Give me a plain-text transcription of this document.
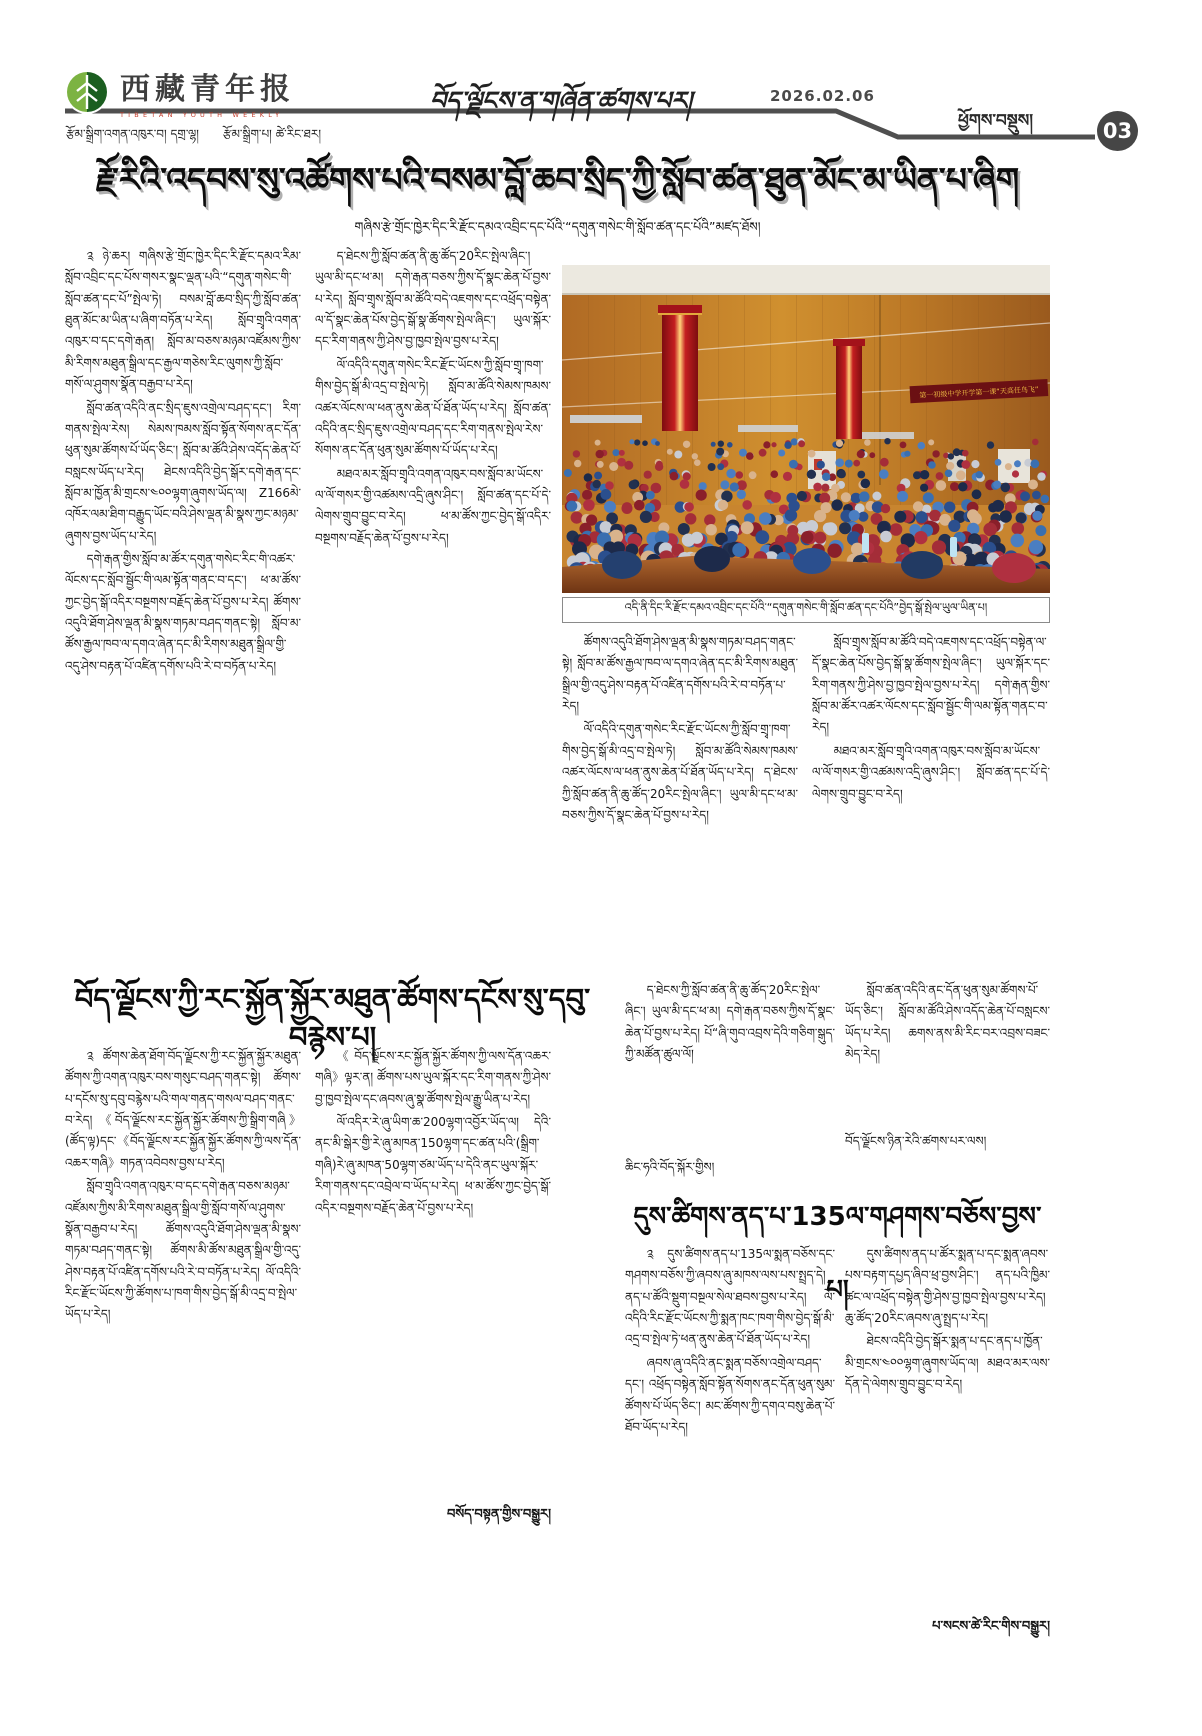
西藏青年报
TIBETAN YOUTH WEEKLY	བོད་ལྗོངས་ན་གཞོན་ཚགས་པར།	2026.02.06
ཕྱོགས་བསྡུས།	03
རྩོམ་སྒྲིག་འགན་འཁུར་བ། དགྲ་ལྷ།　　རྩོམ་སྒྲིག་པ། ཚེ་རིང་ཐར།
རྗོ་རིའི་འདབས་སུ་འཚོགས་པའི་བསམ་བློ་ཆབ་སྲིད་ཀྱི་སློབ་ཚན་ཐུན་མོང་མ་ཡིན་པ་ཞིག
གཞིས་རྩེ་གྲོང་ཁྱེར་དིང་རི་རྫོང་དམའ་འབྲིང་དང་པོའི་“དགུན་གསེང་གི་སློབ་ཚན་དང་པོའི”མཛད་ཐོས།

༉ ཉེ་ཆར། གཞིས་རྩེ་གྲོང་ཁྱེར་དིང་རི་རྫོང་དམའ་རིམ་སློབ་འབྲིང་དང་པོས་གསར་སྣང་ལྡན་པའི་“དགུན་གསེང་གི་སློབ་ཚན་དང་པོ”སྤེལ་ཏེ། བསམ་བློ་ཆབ་སྲིད་ཀྱི་སློབ་ཚན་ཐུན་མོང་མ་ཡིན་པ་ཞིག་བཏོན་པ་རེད། སློབ་གྲྭའི་འགན་འཁུར་བ་དང་དགེ་རྒན། སློབ་མ་བཅས་མཉམ་འཛོམས་ཀྱིས་མི་རིགས་མཐུན་སྒྲིལ་དང་རྒྱལ་གཅེས་རིང་ལུགས་ཀྱི་སློབ་གསོ་ལ་ཤུགས་སྣོན་བརྒྱབ་པ་རེད།

སློབ་ཚན་འདིའི་ནང་སྲིད་ཇུས་འགྲེལ་བཤད་དང་། རིག་གནས་སྤེལ་རེས། སེམས་ཁམས་སློབ་སྟོན་སོགས་ནང་དོན་ཕུན་སུམ་ཚོགས་པོ་ཡོད་ཅིང་། སློབ་མ་ཚོའི་ཤེས་འདོད་ཆེན་པོ་བསླངས་ཡོད་པ་རེད། ཐེངས་འདིའི་བྱེད་སྒོར་དགེ་རྒན་དང་སློབ་མ་ཁྱོན་མི་གྲངས་༤༠༠ལྷག་ཞུགས་ཡོད་ལ། Z166མེ་འཁོར་ལམ་ཐིག་བརྒྱུད་ཡོང་བའི་ཤེས་ལྡན་མི་སྣས་ཀྱང་མཉམ་ཞུགས་བྱས་ཡོད་པ་རེད།

དགེ་རྒན་གྱིས་སློབ་མ་ཚོར་དགུན་གསེང་རིང་གི་འཚར་ལོངས་དང་སློབ་སྦྱོང་གི་ལམ་སྟོན་གནང་བ་དང་། ཕ་མ་ཚོས་ཀྱང་བྱེད་སྒོ་འདིར་བསྔགས་བརྗོད་ཆེན་པོ་བྱས་པ་རེད། ཚོགས་འདུའི་ཐོག་ཤེས་ལྡན་མི་སྣས་གཏམ་བཤད་གནང་སྟེ། སློབ་མ་ཚོས་རྒྱལ་ཁབ་ལ་དགའ་ཞེན་དང་མི་རིགས་མཐུན་སྒྲིལ་གྱི་འདུ་ཤེས་བརྟན་པོ་འཛིན་དགོས་པའི་རེ་བ་བཏོན་པ་རེད།

ད་ཐེངས་ཀྱི་སློབ་ཚན་ནི་ཆུ་ཚོད་20རིང་སྤེལ་ཞིང་། ཡུལ་མི་དང་ཕ་མ། དགེ་རྒན་བཅས་ཀྱིས་དོ་སྣང་ཆེན་པོ་བྱས་པ་རེད། སློབ་གྲྭས་སློབ་མ་ཚོའི་བདེ་འཇགས་དང་འཕྲོད་བསྟེན་ལ་དོ་སྣང་ཆེན་པོས་བྱེད་སྒོ་སྣ་ཚོགས་སྤེལ་ཞིང་། ཡུལ་སྐོར་དང་རིག་གནས་ཀྱི་ཤེས་བྱ་ཁྱབ་སྤེལ་བྱས་པ་རེད།

ལོ་འདིའི་དགུན་གསེང་རིང་རྫོང་ཡོངས་ཀྱི་སློབ་གྲྭ་ཁག་གིས་བྱེད་སྒོ་མི་འདྲ་བ་སྤེལ་ཏེ། སློབ་མ་ཚོའི་སེམས་ཁམས་འཚར་ལོངས་ལ་ཕན་ནུས་ཆེན་པོ་ཐོན་ཡོད་པ་རེད། སློབ་ཚན་འདིའི་ནང་སྲིད་ཇུས་འགྲེལ་བཤད་དང་རིག་གནས་སྤེལ་རེས་སོགས་ནང་དོན་ཕུན་སུམ་ཚོགས་པོ་ཡོད་པ་རེད།

མཐའ་མར་སློབ་གྲྭའི་འགན་འཁུར་བས་སློབ་མ་ཡོངས་ལ་ལོ་གསར་གྱི་འཚམས་འདྲི་ཞུས་ཤིང་། སློབ་ཚན་དང་པོ་དེ་ལེགས་གྲུབ་བྱུང་བ་རེད། ཕ་མ་ཚོས་ཀྱང་བྱེད་སྒོ་འདིར་བསྔགས་བརྗོད་ཆེན་པོ་བྱས་པ་རེད།

第一初级中学开学第一课“天高任鸟飞”
འདི་ནི་དིང་རི་རྫོང་དམའ་འབྲིང་དང་པོའི་“དགུན་གསེང་གི་སློབ་ཚན་དང་པོའི”བྱེད་སྒོ་སྤེལ་ཡུལ་ཡིན་པ།

ཚོགས་འདུའི་ཐོག་ཤེས་ལྡན་མི་སྣས་གཏམ་བཤད་གནང་སྟེ། སློབ་མ་ཚོས་རྒྱལ་ཁབ་ལ་དགའ་ཞེན་དང་མི་རིགས་མཐུན་སྒྲིལ་གྱི་འདུ་ཤེས་བརྟན་པོ་འཛིན་དགོས་པའི་རེ་བ་བཏོན་པ་རེད།

ལོ་འདིའི་དགུན་གསེང་རིང་རྫོང་ཡོངས་ཀྱི་སློབ་གྲྭ་ཁག་གིས་བྱེད་སྒོ་མི་འདྲ་བ་སྤེལ་ཏེ། སློབ་མ་ཚོའི་སེམས་ཁམས་འཚར་ལོངས་ལ་ཕན་ནུས་ཆེན་པོ་ཐོན་ཡོད་པ་རེད། ད་ཐེངས་ཀྱི་སློབ་ཚན་ནི་ཆུ་ཚོད་20རིང་སྤེལ་ཞིང་། ཡུལ་མི་དང་ཕ་མ་བཅས་ཀྱིས་དོ་སྣང་ཆེན་པོ་བྱས་པ་རེད།

སློབ་གྲྭས་སློབ་མ་ཚོའི་བདེ་འཇགས་དང་འཕྲོད་བསྟེན་ལ་དོ་སྣང་ཆེན་པོས་བྱེད་སྒོ་སྣ་ཚོགས་སྤེལ་ཞིང་། ཡུལ་སྐོར་དང་རིག་གནས་ཀྱི་ཤེས་བྱ་ཁྱབ་སྤེལ་བྱས་པ་རེད། དགེ་རྒན་གྱིས་སློབ་མ་ཚོར་འཚར་ལོངས་དང་སློབ་སྦྱོང་གི་ལམ་སྟོན་གནང་བ་རེད།

མཐའ་མར་སློབ་གྲྭའི་འགན་འཁུར་བས་སློབ་མ་ཡོངས་ལ་ལོ་གསར་གྱི་འཚམས་འདྲི་ཞུས་ཤིང་། སློབ་ཚན་དང་པོ་དེ་ལེགས་གྲུབ་བྱུང་བ་རེད།

ད་ཐེངས་ཀྱི་སློབ་ཚན་ནི་ཆུ་ཚོད་20རིང་སྤེལ་ཞིང་། ཡུལ་མི་དང་ཕ་མ། དགེ་རྒན་བཅས་ཀྱིས་དོ་སྣང་ཆེན་པོ་བྱས་པ་རེད། པོ“ཞི་གུབ་འབྲས་དེའི་གཅིག་སྒུད་ཀྱི་མཚོན་ཚུལ་ལོ།

ཆིང་ཧའི་བོད་སྐོར་གྱིས།

སློབ་ཚན་འདིའི་ནང་དོན་ཕུན་སུམ་ཚོགས་པོ་ཡོད་ཅིང་། སློབ་མ་ཚོའི་ཤེས་འདོད་ཆེན་པོ་བསླངས་ཡོད་པ་རེད། ཆགས་ནས་མི་རིང་བར་འབྲས་བཟང་མེད་རེད།

བོད་ལྗོངས་ཉིན་རེའི་ཚགས་པར་ལས།
བོད་ལྗོངས་ཀྱི་རང་སྐྱོན་སྐྱོར་མཐུན་ཚོགས་དངོས་སུ་དབུ་བརྙེས་པ།

༉ ཚོགས་ཆེན་ཐོག་བོད་ལྗོངས་ཀྱི་རང་སྐྱོན་སྐྱོར་མཐུན་ཚོགས་ཀྱི་འགན་འཁུར་བས་གསུང་བཤད་གནང་སྟེ། ཚོགས་པ་དངོས་སུ་དབུ་བརྙེས་པའི་གལ་གནད་གསལ་བཤད་གནང་བ་རེད། 《བོད་ལྗོངས་རང་སྐྱོན་སྐྱོར་ཚོགས་ཀྱི་སྒྲིག་གཞི》(ཚོད་ལྟ)དང་《བོད་ལྗོངས་རང་སྐྱོན་སྐྱོར་ཚོགས་ཀྱི་ལས་དོན་འཆར་གཞི》གཏན་འབེབས་བྱས་པ་རེད།

སློབ་གྲྭའི་འགན་འཁུར་བ་དང་དགེ་རྒན་བཅས་མཉམ་འཛོམས་ཀྱིས་མི་རིགས་མཐུན་སྒྲིལ་གྱི་སློབ་གསོ་ལ་ཤུགས་སྣོན་བརྒྱབ་པ་རེད། ཚོགས་འདུའི་ཐོག་ཤེས་ལྡན་མི་སྣས་གཏམ་བཤད་གནང་སྟེ། ཚོགས་མི་ཚོས་མཐུན་སྒྲིལ་གྱི་འདུ་ཤེས་བརྟན་པོ་འཛིན་དགོས་པའི་རེ་བ་བཏོན་པ་རེད། ལོ་འདིའི་རིང་རྫོང་ཡོངས་ཀྱི་ཚོགས་པ་ཁག་གིས་བྱེད་སྒོ་མི་འདྲ་བ་སྤེལ་ཡོད་པ་རེད།

《བོད་ལྗོངས་རང་སྐྱོན་སྐྱོར་ཚོགས་ཀྱི་ལས་དོན་འཆར་གཞི》ལྟར་ན། ཚོགས་པས་ཡུལ་སྐོར་དང་རིག་གནས་ཀྱི་ཤེས་བྱ་ཁྱབ་སྤེལ་དང་ཞབས་ཞུ་སྣ་ཚོགས་སྤེལ་རྒྱུ་ཡིན་པ་རེད།

ལོ་འདིར་རེ་ཞུ་ཡིག་ཆ་200ལྷག་འབྱོར་ཡོད་ལ། དེའི་ནང་མི་སྒེར་གྱི་རེ་ཞུ་མཁན་150ལྷག་དང་ཚན་པའི་(སྒྲིག་གཞི)རེ་ཞུ་མཁན་50ལྷག་ཙམ་ཡོད་པ་དེའི་ནང་ཡུལ་སྐོར་རིག་གནས་དང་འབྲེལ་བ་ཡོད་པ་རེད། ཕ་མ་ཚོས་ཀྱང་བྱེད་སྒོ་འདིར་བསྔགས་བརྗོད་ཆེན་པོ་བྱས་པ་རེད།

བསོད་བསྟན་གྱིས་བསྒྱུར།
དུས་ཚིགས་ནད་པ་135ལ་གཤགས་བཅོས་བྱས་པ།

༉ དུས་ཚིགས་ནད་པ་135ལ་སྨན་བཅོས་དང་གཤགས་བཅོས་ཀྱི་ཞབས་ཞུ་མཁས་ལས་པས་སྤྲད་དེ། ནད་པ་ཚོའི་སྡུག་བསྔལ་སེལ་ཐབས་བྱས་པ་རེད། ལོ་འདིའི་རིང་རྫོང་ཡོངས་ཀྱི་སྨན་ཁང་ཁག་གིས་བྱེད་སྒོ་མི་འདྲ་བ་སྤེལ་ཏེ་ཕན་ནུས་ཆེན་པོ་ཐོན་ཡོད་པ་རེད།

ཞབས་ཞུ་འདིའི་ནང་སྨན་བཅོས་འགྲེལ་བཤད་དང་། འཕྲོད་བསྟེན་སློབ་སྟོན་སོགས་ནང་དོན་ཕུན་སུམ་ཚོགས་པོ་ཡོད་ཅིང་། མང་ཚོགས་ཀྱི་དགའ་བསུ་ཆེན་པོ་ཐོབ་ཡོད་པ་རེད།

དུས་ཚིགས་ནད་པ་ཚོར་སྨན་པ་དང་སྨན་ཞབས་པས་བརྟག་དཔྱད་ཞིབ་ཕྲ་བྱས་ཤིང་། ནད་པའི་ཁྱིམ་ཚང་ལ་འཕྲོད་བསྟེན་གྱི་ཤེས་བྱ་ཁྱབ་སྤེལ་བྱས་པ་རེད། ཆུ་ཚོད་20རིང་ཞབས་ཞུ་སྤྲད་པ་རེད།

ཐེངས་འདིའི་བྱེད་སྒོར་སྨན་པ་དང་ནད་པ་ཁྱོན་མི་གྲངས་༤༠༠ལྷག་ཞུགས་ཡོད་ལ། མཐའ་མར་ལས་དོན་དེ་ལེགས་གྲུབ་བྱུང་བ་རེད།

པ་སངས་ཚེ་རིང་གིས་བསྒྱུར།
